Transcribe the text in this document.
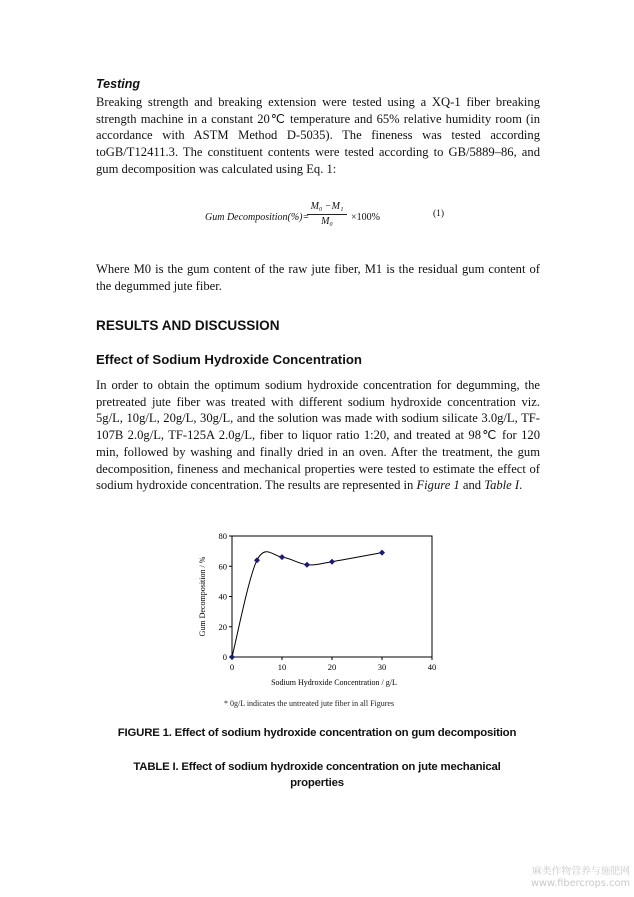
Testing

Breaking strength and breaking extension were tested using a XQ-1 fiber breaking strength machine in a constant 20℃ temperature and 65% relative humidity room (in accordance with ASTM Method D-5035). The fineness was tested according toGB/T12411.3. The constituent contents were tested according to GB/5889–86, and gum decomposition was calculated using Eq. 1:

Gum Decomposition(%)=
$\frac{\text{M₀ −M₁}}{\text{M₀}} \times 100\%$	(1)

Where M0 is the gum content of the raw jute fiber, M1 is the residual gum content of the degummed jute fiber.

RESULTS AND DISCUSSION
Effect of Sodium Hydroxide Concentration

In order to obtain the optimum sodium hydroxide concentration for degumming, the pretreated jute fiber was treated with different sodium hydroxide concentration viz. 5g/L, 10g/L, 20g/L, 30g/L, and the solution was made with sodium silicate 3.0g/L, TF-107B 2.0g/L, TF-125A 2.0g/L, fiber to liquor ratio 1:20, and treated at 98℃ for 120 min, followed by washing and finally dried in an oven. After the treatment, the gum decomposition, fineness and mechanical properties were tested to estimate the effect of sodium hydroxide concentration. The results are represented in Figure 1 and Table I.

0	10	20	30	40
0
20
40
60
80
Sodium Hydroxide Concentration / g/L
Gum Decomposition / %
* 0g/L indicates the untreated jute fiber in all Figures
FIGURE 1. Effect of sodium hydroxide concentration on gum decomposition
TABLE I. Effect of sodium hydroxide concentration on jute mechanical
properties
麻类作物营养与施肥网
www.fibercrops.com
